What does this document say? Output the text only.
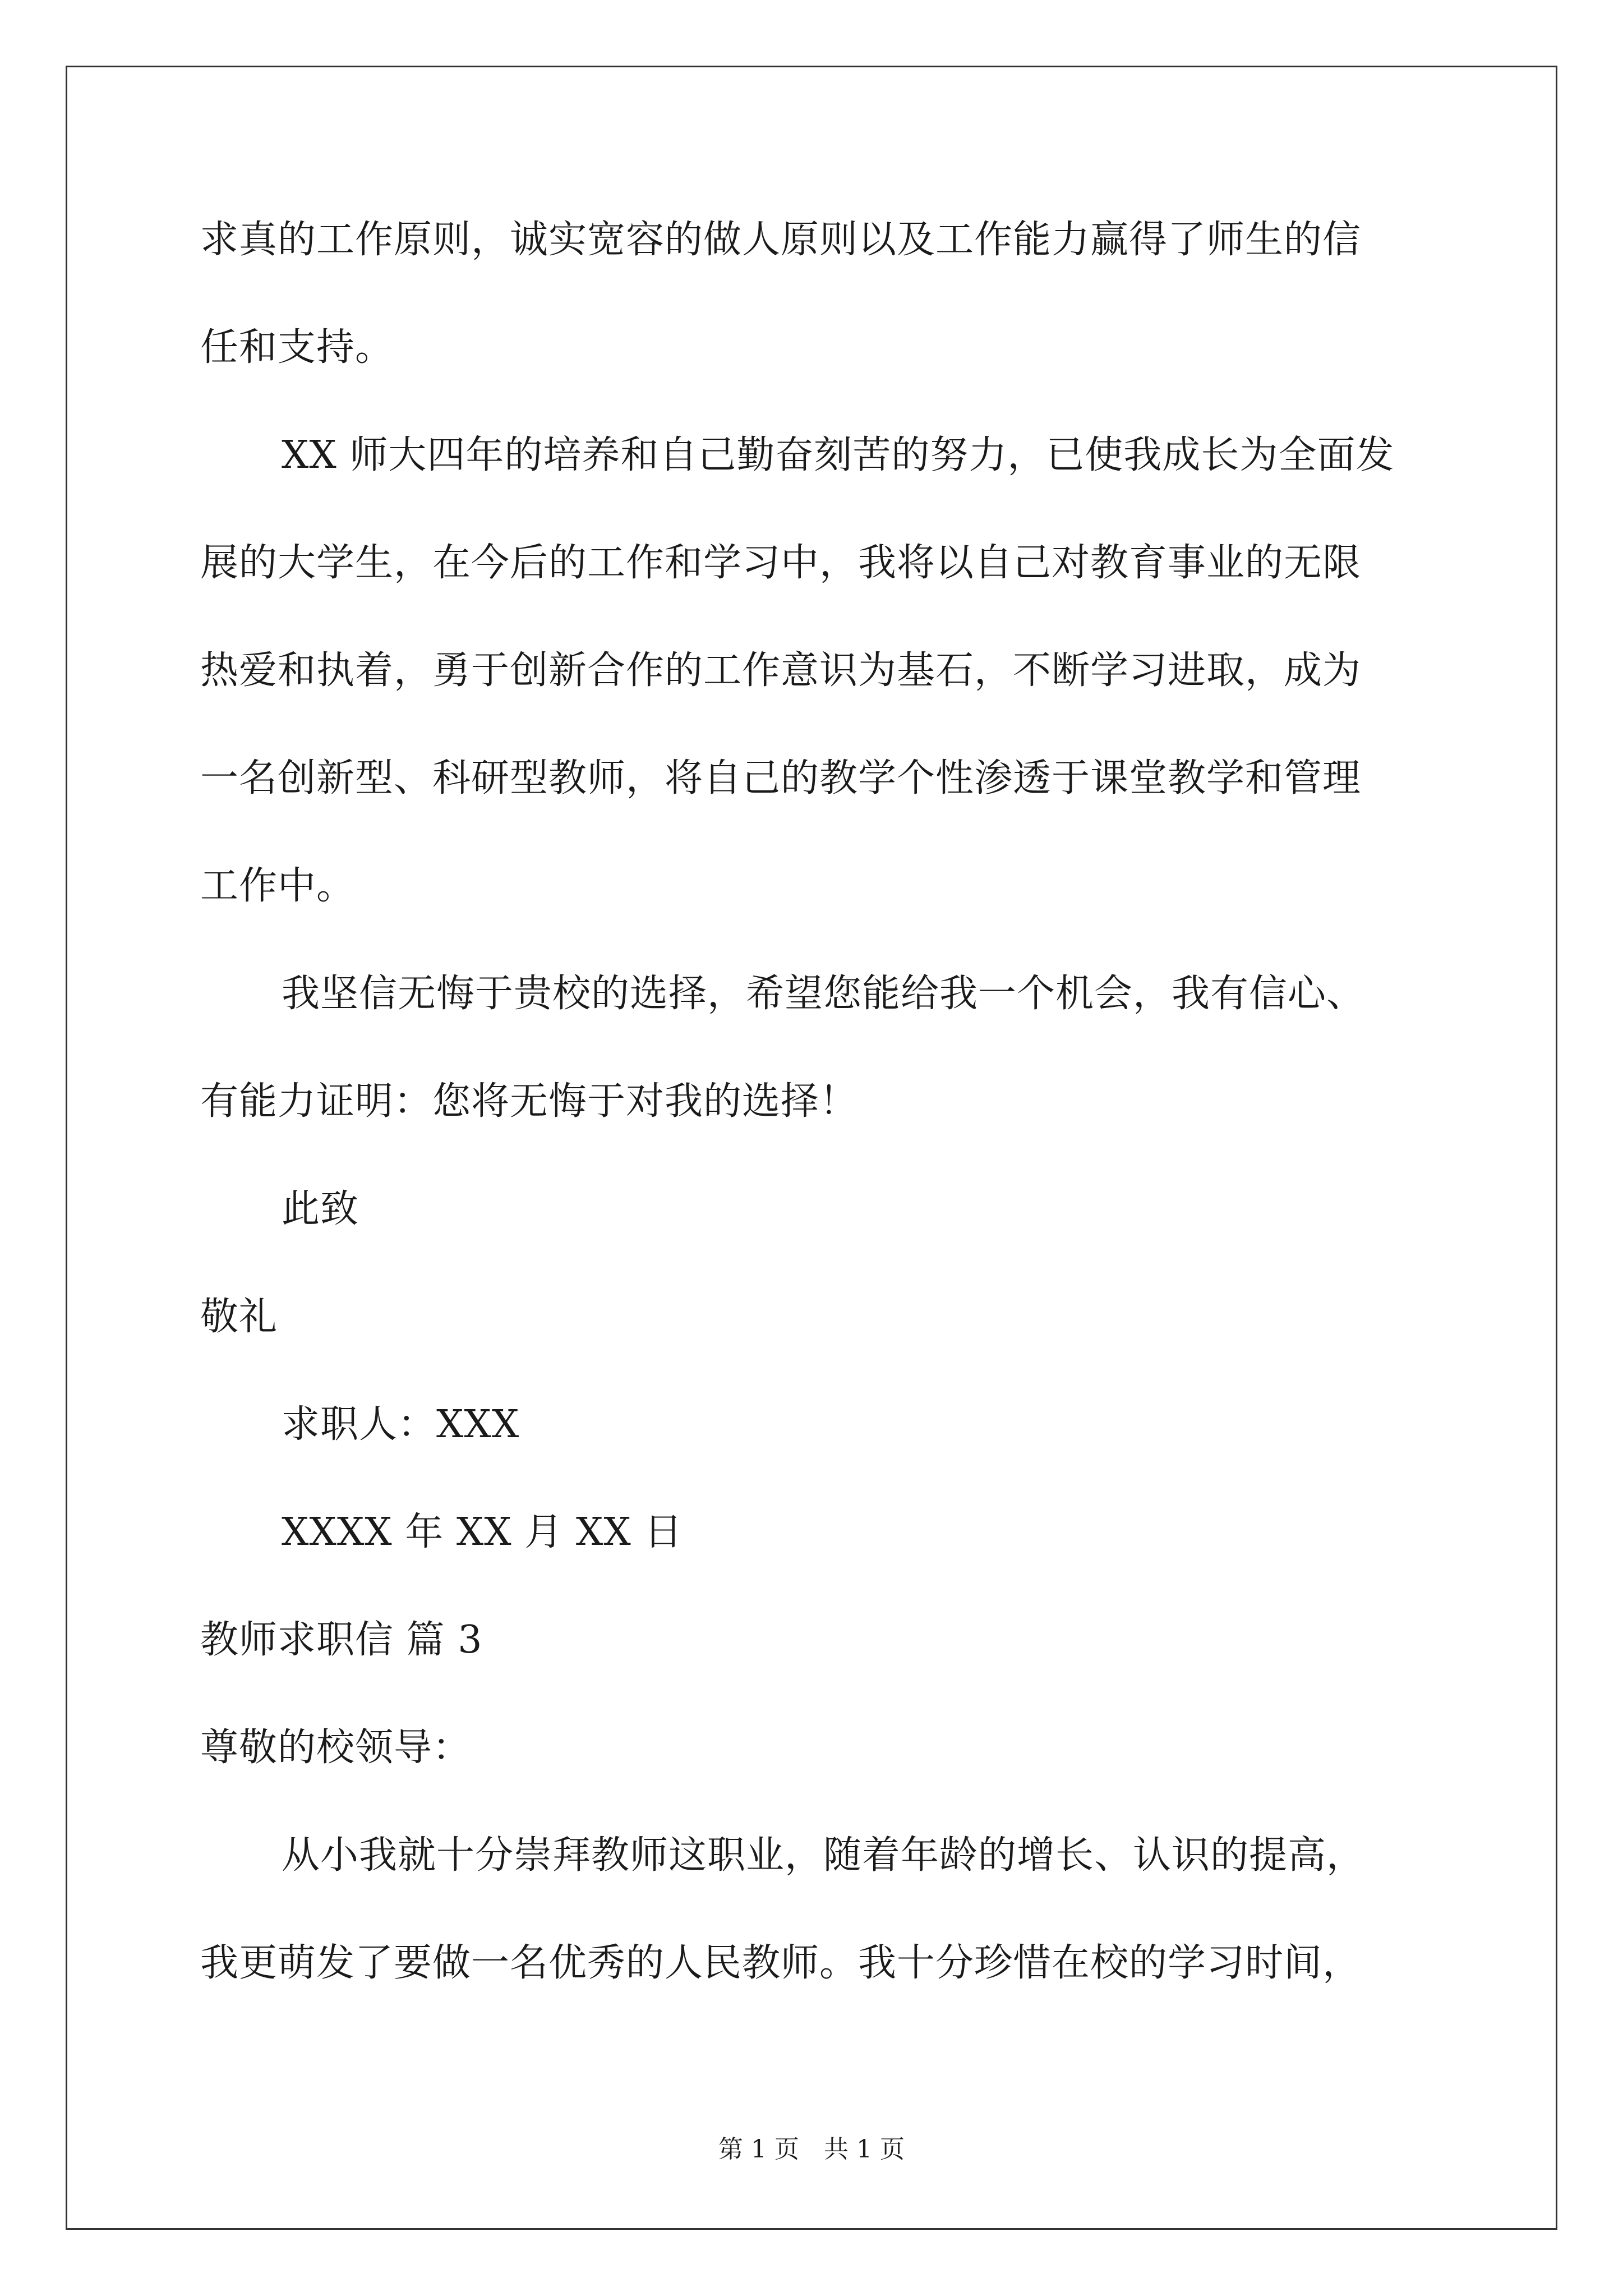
求真的工作原则，诚实宽容的做人原则以及工作能力赢得了师生的信
任和支持。
XX 师大四年的培养和自己勤奋刻苦的努力，已使我成长为全面发
展的大学生，在今后的工作和学习中，我将以自己对教育事业的无限
热爱和执着，勇于创新合作的工作意识为基石，不断学习进取，成为
一名创新型、科研型教师，将自己的教学个性渗透于课堂教学和管理
工作中。
我坚信无悔于贵校的选择，希望您能给我一个机会，我有信心、
有能力证明：您将无悔于对我的选择！
此致
敬礼
求职人：XXX
XXXX 年 XX 月 XX 日
教师求职信 篇 3
尊敬的校领导：
从小我就十分崇拜教师这职业，随着年龄的增长、认识的提高，
我更萌发了要做一名优秀的人民教师。我十分珍惜在校的学习时间，
第 1 页　共 1 页
